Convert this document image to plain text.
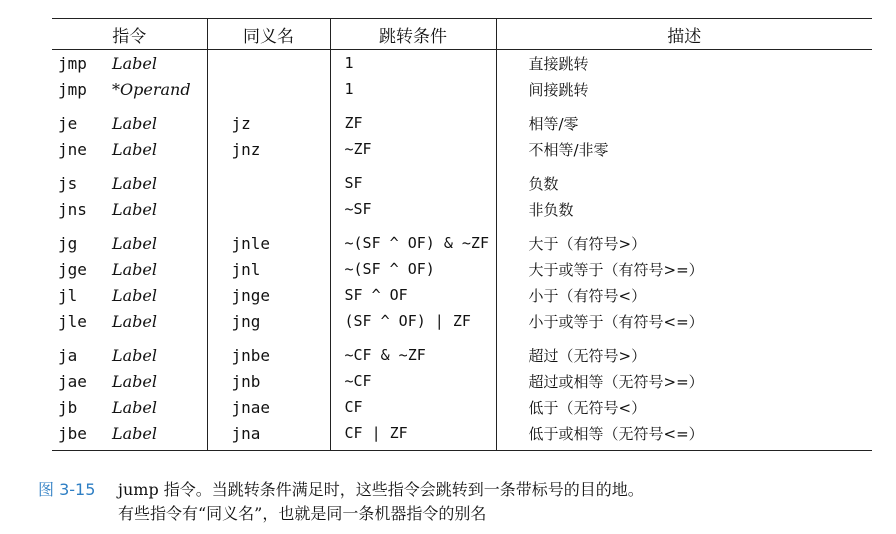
指令	同义名	跳转条件	描述
jmp Label		1	直接跳转
jmp *Operand		1	间接跳转
je Label	jz	ZF	相等/零
jne Label	jnz	~ZF	不相等/非零
js Label		SF	负数
jns Label		~SF	非负数
jg Label	jnle	~(SF ^ OF) & ~ZF	大于（有符号>）
jge Label	jnl	~(SF ^ OF)	大于或等于（有符号>=）
jl Label	jnge	SF ^ OF	小于（有符号<）
jle Label	jng	(SF ^ OF) | ZF	小于或等于（有符号<=）
ja Label	jnbe	~CF & ~ZF	超过（无符号>）
jae Label	jnb	~CF	超过或相等（无符号>=）
jb Label	jnae	CF	低于（无符号<）
jbe Label	jna	CF | ZF	低于或相等（无符号<=）
图 3-15 jump 指令。当跳转条件满足时，这些指令会跳转到一条带标号的目的地。
有些指令有“同义名”，也就是同一条机器指令的别名
